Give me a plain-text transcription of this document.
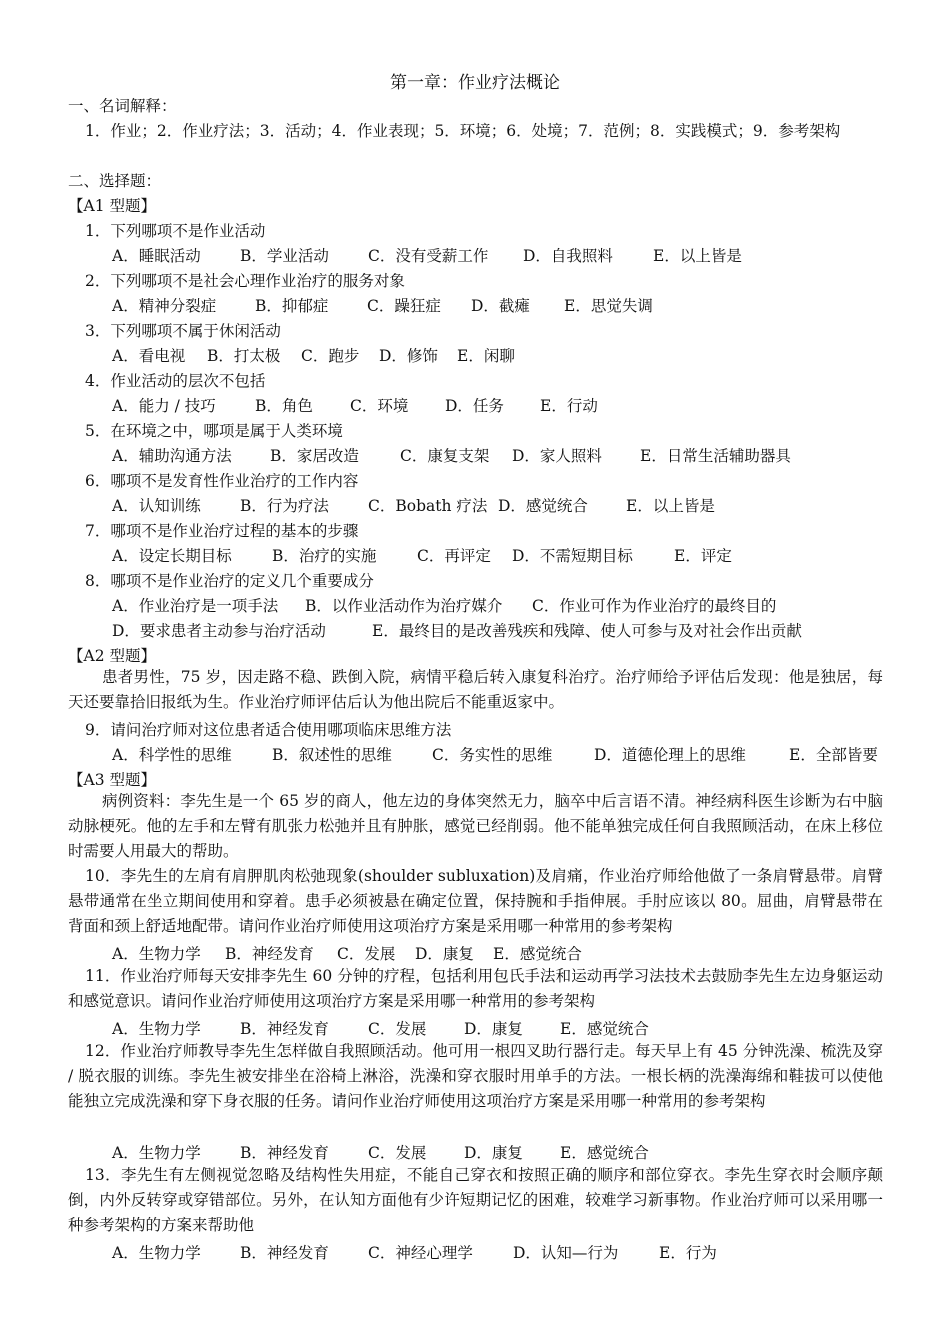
第一章：作业疗法概论
一、名词解释：
1．作业；2．作业疗法；3．活动；4．作业表现；5．环境；6．处境；7．范例；8．实践模式；9．参考架构
二、选择题：
【A1 型题】
1．下列哪项不是作业活动
A．睡眠活动	B．学业活动	C．没有受薪工作 D．自我照料	E．以上皆是
2．下列哪项不是社会心理作业治疗的服务对象
A．精神分裂症	B．抑郁症 C．躁狂症 D．截瘫 E．思觉失调
3．下列哪项不属于休闲活动
A．看电视 B．打太极 C．跑步 D．修饰 E．闲聊
4．作业活动的层次不包括
A．能力 / 技巧	B．角色 C．环境 D．任务 E．行动
5．在环境之中，哪项是属于人类环境
A．辅助沟通方法 B．家居改造	C．康复支架 D．家人照料 E．日常生活辅助器具
6．哪项不是发育性作业治疗的工作内容
A．认知训练	B．行为疗法	C．Bobath 疗法 D．感觉统合 E．以上皆是
7．哪项不是作业治疗过程的基本的步骤
A．设定长期目标	B．治疗的实施	C．再评定 D．不需短期目标	E．评定
8．哪项不是作业治疗的定义几个重要成分
A．作业治疗是一项手法 B．以作业活动作为治疗媒介 C．作业可作为作业治疗的最终目的
D．要求患者主动参与治疗活动	E．最终目的是改善残疾和残障、使人可参与及对社会作出贡献
【A2 型题】
患者男性，75 岁，因走路不稳、跌倒入院，病情平稳后转入康复科治疗。治疗师给予评估后发现：他是独居，每天还要靠拾旧报纸为生。作业治疗师评估后认为他出院后不能重返家中。
9．请问治疗师对这位患者适合使用哪项临床思维方法
A．科学性的思维	B．叙述性的思维	C．务实性的思维	D．道德伦理上的思维	E．全部皆要
【A3 型题】
病例资料：李先生是一个 65 岁的商人，他左边的身体突然无力，脑卒中后言语不清。神经病科医生诊断为右中脑动脉梗死。他的左手和左臂有肌张力松弛并且有肿胀，感觉已经削弱。他不能单独完成任何自我照顾活动，在床上移位时需要人用最大的帮助。
10．李先生的左肩有肩胛肌肉松弛现象(shoulder subluxation)及肩痛，作业治疗师给他做了一条肩臂悬带。肩臂悬带通常在坐立期间使用和穿着。患手必须被悬在确定位置，保持腕和手指伸展。手肘应该以 80。屈曲，肩臂悬带在背面和颈上舒适地配带。请问作业治疗师使用这项治疗方案是采用哪一种常用的参考架构
A．生物力学 B．神经发育 C．发展 D．康复 E．感觉统合
11．作业治疗师每天安排李先生 60 分钟的疗程，包括利用包氏手法和运动再学习法技术去鼓励李先生左边身躯运动和感觉意识。请问作业治疗师使用这项治疗方案是采用哪一种常用的参考架构
A．生物力学	B．神经发育	C．发展 D．康复 E．感觉统合
12．作业治疗师教导李先生怎样做自我照顾活动。他可用一根四叉助行器行走。每天早上有 45 分钟洗澡、梳洗及穿 / 脱衣服的训练。李先生被安排坐在浴椅上淋浴，洗澡和穿衣服时用单手的方法。一根长柄的洗澡海绵和鞋拔可以使他能独立完成洗澡和穿下身衣服的任务。请问作业治疗师使用这项治疗方案是采用哪一种常用的参考架构
A．生物力学	B．神经发育	C．发展 D．康复 E．感觉统合
13．李先生有左侧视觉忽略及结构性失用症，不能自己穿衣和按照正确的顺序和部位穿衣。李先生穿衣时会顺序颠倒，内外反转穿或穿错部位。另外，在认知方面他有少许短期记忆的困难，较难学习新事物。作业治疗师可以采用哪一种参考架构的方案来帮助他
A．生物力学	B．神经发育	C．神经心理学	D．认知—行为	E．行为
